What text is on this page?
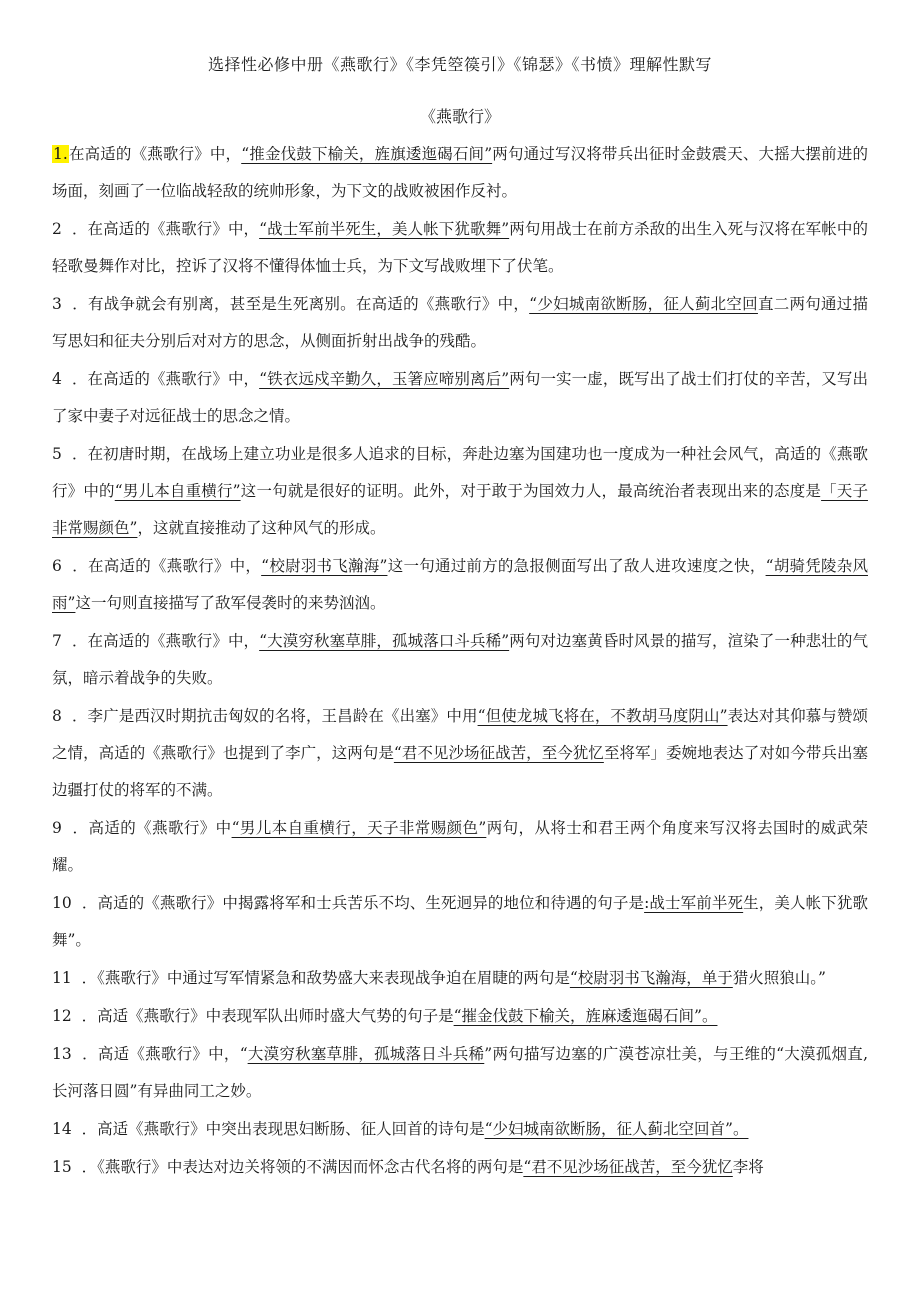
选择性必修中册《燕歌行》《李凭箜篌引》《锦瑟》《书愤》理解性默写
《燕歌行》
1.在高适的《燕歌行》中，“推金伐鼓下榆关，旌旗逶迤碣石间”两句通过写汉将带兵出征时金鼓震天、大摇大摆前进的场面，刻画了一位临战轻敌的统帅形象，为下文的战败被困作反衬。
2 ．在高适的《燕歌行》中，“战士军前半死生，美人帐下犹歌舞”两句用战士在前方杀敌的出生入死与汉将在军帐中的轻歌曼舞作对比，控诉了汉将不懂得体恤士兵，为下文写战败埋下了伏笔。
3 ．有战争就会有别离，甚至是生死离别。在高适的《燕歌行》中，“少妇城南欲断肠，征人蓟北空回直二两句通过描写思妇和征夫分别后对对方的思念，从侧面折射出战争的残酷。
4 ．在高适的《燕歌行》中，“铁衣远戍辛勤久，玉箸应啼别离后”两句一实一虚，既写出了战士们打仗的辛苦，又写出了家中妻子对远征战士的思念之情。
5 ．在初唐时期，在战场上建立功业是很多人追求的目标，奔赴边塞为国建功也一度成为一种社会风气，高适的《燕歌行》中的“男儿本自重横行”这一句就是很好的证明。此外，对于敢于为国效力人，最高统治者表现出来的态度是「天子非常赐颜色”，这就直接推动了这种风气的形成。
6 ．在高适的《燕歌行》中，“校尉羽书飞瀚海”这一句通过前方的急报侧面写出了敌人进攻速度之快，“胡骑凭陵杂风雨”这一句则直接描写了敌军侵袭时的来势汹汹。
7 ．在高适的《燕歌行》中，“大漠穷秋塞草腓，孤城落口斗兵稀”两句对边塞黄昏时风景的描写，渲染了一种悲壮的气氛，暗示着战争的失败。
8 ．李广是西汉时期抗击匈奴的名将，王昌龄在《出塞》中用“但使龙城飞将在，不教胡马度阴山”表达对其仰慕与赞颂之情，高适的《燕歌行》也提到了李广，这两句是“君不见沙场征战苦，至今犹忆至将军」委婉地表达了对如今带兵出塞边疆打仗的将军的不满。
9 ．高适的《燕歌行》中“男儿本自重横行，天子非常赐颜色”两句，从将士和君王两个角度来写汉将去国时的威武荣耀。
10 ．高适的《燕歌行》中揭露将军和士兵苦乐不均、生死迥异的地位和待遇的句子是:战士军前半死生，美人帐下犹歌舞”。
11 ．《燕歌行》中通过写军情紧急和敌势盛大来表现战争迫在眉睫的两句是“校尉羽书飞瀚海，单于猎火照狼山。”
12 ．高适《燕歌行》中表现军队出师时盛大气势的句子是“摧金伐鼓下榆关，旌麻逶迤碣石间”。
13 ．高适《燕歌行》中，“大漠穷秋塞草腓，孤城落日斗兵稀”两句描写边塞的广漠苍凉壮美，与王维的“大漠孤烟直,长河落日圆”有异曲同工之妙。
14 ．高适《燕歌行》中突出表现思妇断肠、征人回首的诗句是“少妇城南欲断肠，征人蓟北空回首”。
15 ．《燕歌行》中表达对边关将领的不满因而怀念古代名将的两句是“君不见沙场征战苦，至今犹忆李将
